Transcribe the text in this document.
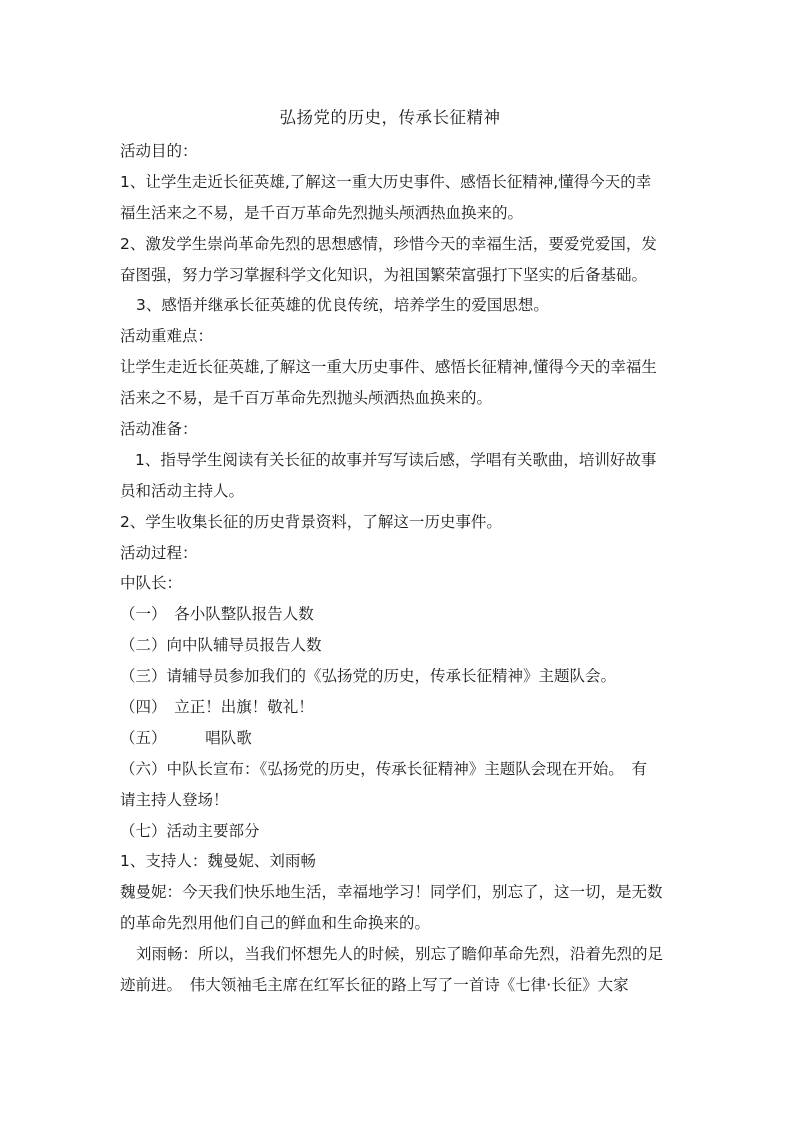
弘扬党的历史，传承长征精神
活动目的：
1、让学生走近长征英雄,了解这一重大历史事件、感悟长征精神,懂得今天的幸
福生活来之不易，是千百万革命先烈抛头颅洒热血换来的。
2、激发学生崇尚革命先烈的思想感情，珍惜今天的幸福生活，要爱党爱国，发
奋图强，努力学习掌握科学文化知识，为祖国繁荣富强打下坚实的后备基础。
3、感悟并继承长征英雄的优良传统，培养学生的爱国思想。
活动重难点：
让学生走近长征英雄,了解这一重大历史事件、感悟长征精神,懂得今天的幸福生
活来之不易，是千百万革命先烈抛头颅洒热血换来的。
活动准备：
1、指导学生阅读有关长征的故事并写写读后感，学唱有关歌曲，培训好故事
员和活动主持人。
2、学生收集长征的历史背景资料，了解这一历史事件。
活动过程：
中队长：
（一）　各小队整队报告人数
（二）向中队辅导员报告人数
（三）请辅导员参加我们的《弘扬党的历史，传承长征精神》主题队会。
（四）　立正！出旗！敬礼！
（五）　　　唱队歌
（六）中队长宣布：《弘扬党的历史，传承长征精神》主题队会现在开始。　有
请主持人登场！
（七）活动主要部分
1、支持人：魏曼妮、刘雨畅
魏曼妮：今天我们快乐地生活，幸福地学习！同学们，别忘了，这一切，是无数
的革命先烈用他们自己的鲜血和生命换来的。
刘雨畅：所以，当我们怀想先人的时候，别忘了瞻仰革命先烈，沿着先烈的足
迹前进。　伟大领袖毛主席在红军长征的路上写了一首诗《七律·长征》大家
